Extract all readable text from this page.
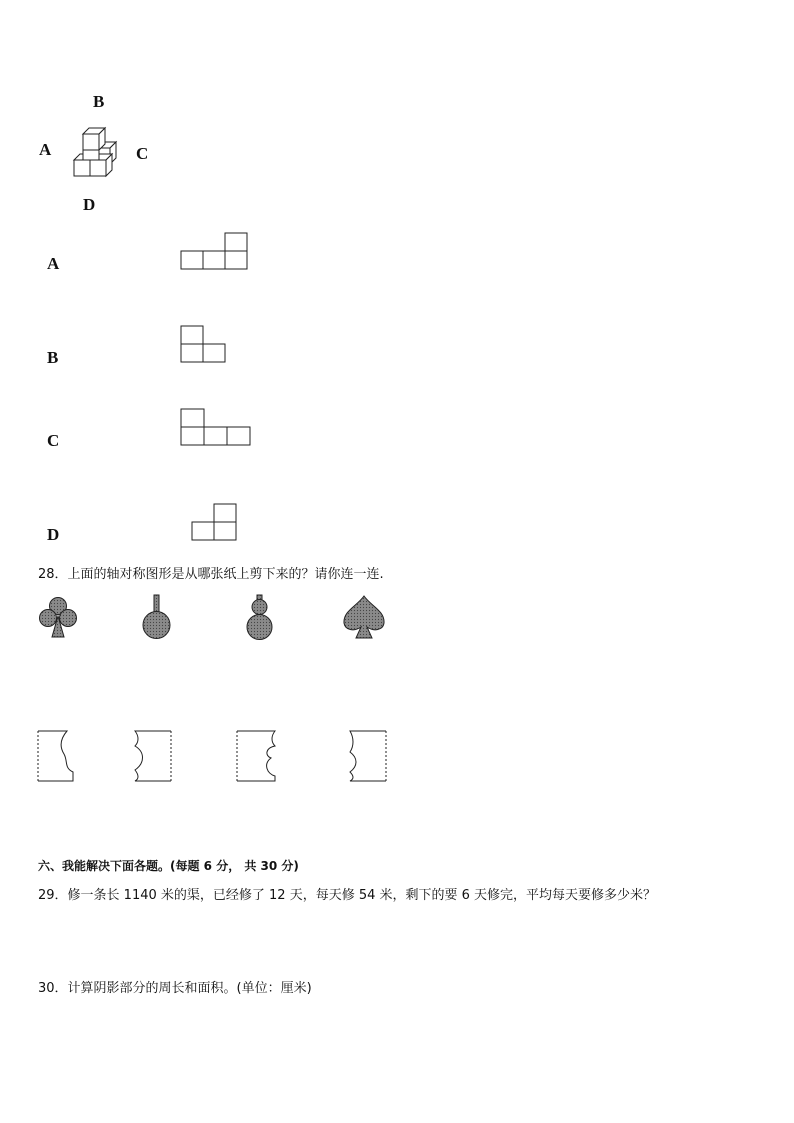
B
A	C
D
A
B
C
D
28．上面的轴对称图形是从哪张纸上剪下来的？请你连一连.
六、我能解决下面各题。(每题 6 分， 共 30 分)
29．修一条长 1140 米的渠，已经修了 12 天，每天修 54 米，剩下的要 6 天修完，平均每天要修多少米？
30．计算阴影部分的周长和面积。(单位：厘米)
